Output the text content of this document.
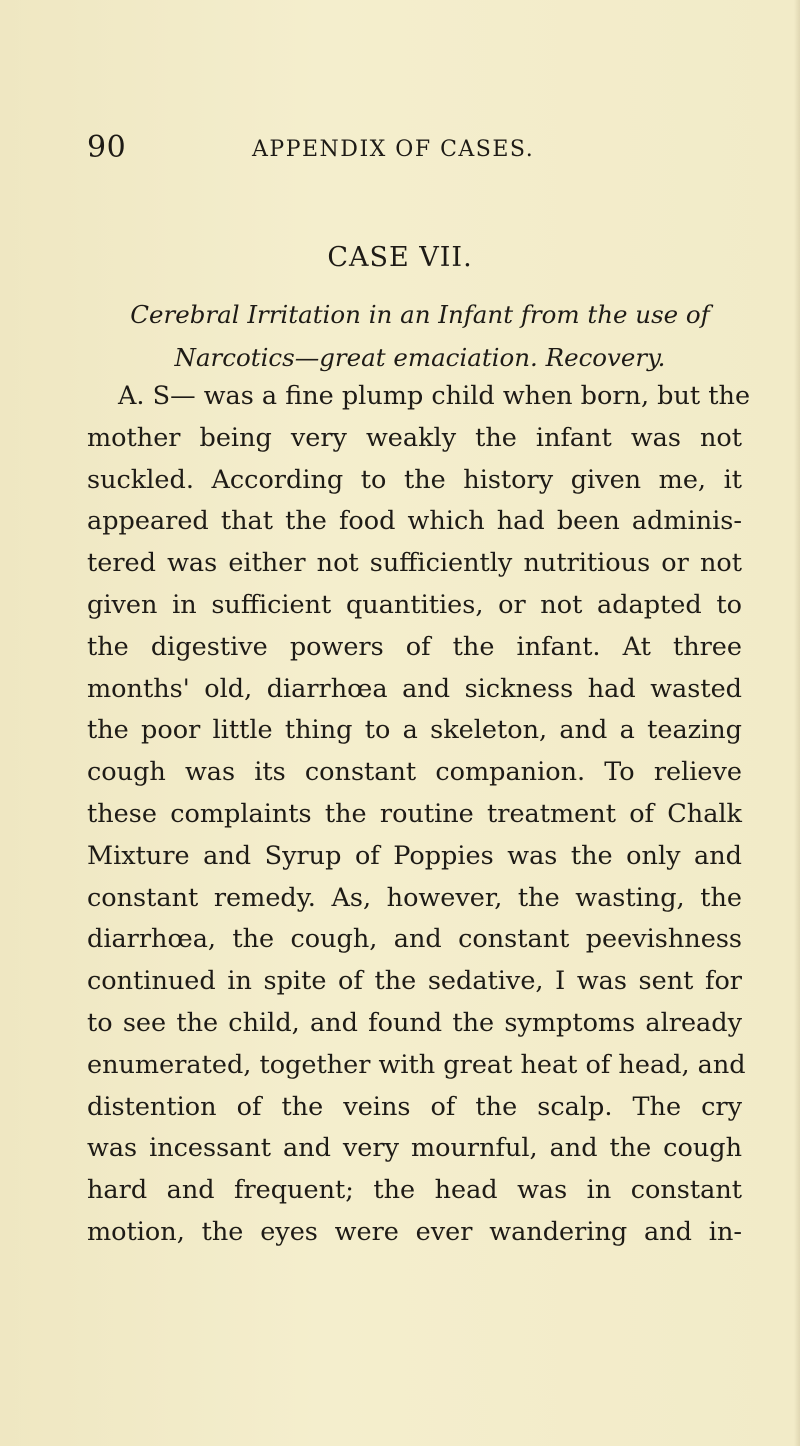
90	APPENDIX OF CASES.
CASE VII.
Cerebral Irritation in an Infant from the use of
Narcotics—great emaciation. Recovery.
A. S— was a fine plump child when born, but the
mother being very weakly the infant was not
suckled. According to the history given me, it
appeared that the food which had been adminis-
tered was either not sufficiently nutritious or not
given in sufficient quantities, or not adapted to
the digestive powers of the infant. At three
months' old, diarrhœa and sickness had wasted
the poor little thing to a skeleton, and a teazing
cough was its constant companion. To relieve
these complaints the routine treatment of Chalk
Mixture and Syrup of Poppies was the only and
constant remedy. As, however, the wasting, the
diarrhœa, the cough, and constant peevishness
continued in spite of the sedative, I was sent for
to see the child, and found the symptoms already
enumerated, together with great heat of head, and
distention of the veins of the scalp. The cry
was incessant and very mournful, and the cough
hard and frequent; the head was in constant
motion, the eyes were ever wandering and in-
